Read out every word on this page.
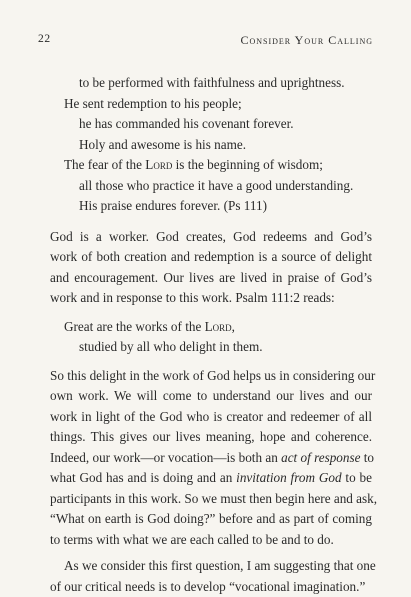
22	Consider Your Calling
to be performed with faithfulness and uprightness.
He sent redemption to his people;
he has commanded his covenant forever.
Holy and awesome is his name.
The fear of the Lord is the beginning of wisdom;
all those who practice it have a good understanding.
His praise endures forever. (Ps 111)
God is a worker. God creates, God redeems and God’s
work of both creation and redemption is a source of delight
and encouragement. Our lives are lived in praise of God’s
work and in response to this work. Psalm 111:2 reads:
Great are the works of the Lord,
studied by all who delight in them.
So this delight in the work of God helps us in considering our
own work. We will come to understand our lives and our
work in light of the God who is creator and redeemer of all
things. This gives our lives meaning, hope and coherence.
Indeed, our work—or vocation—is both an act of response to
what God has and is doing and an invitation from God to be
participants in this work. So we must then begin here and ask,
“What on earth is God doing?” before and as part of coming
to terms with what we are each called to be and to do.
As we consider this first question, I am suggesting that one
of our critical needs is to develop “vocational imagination.”
